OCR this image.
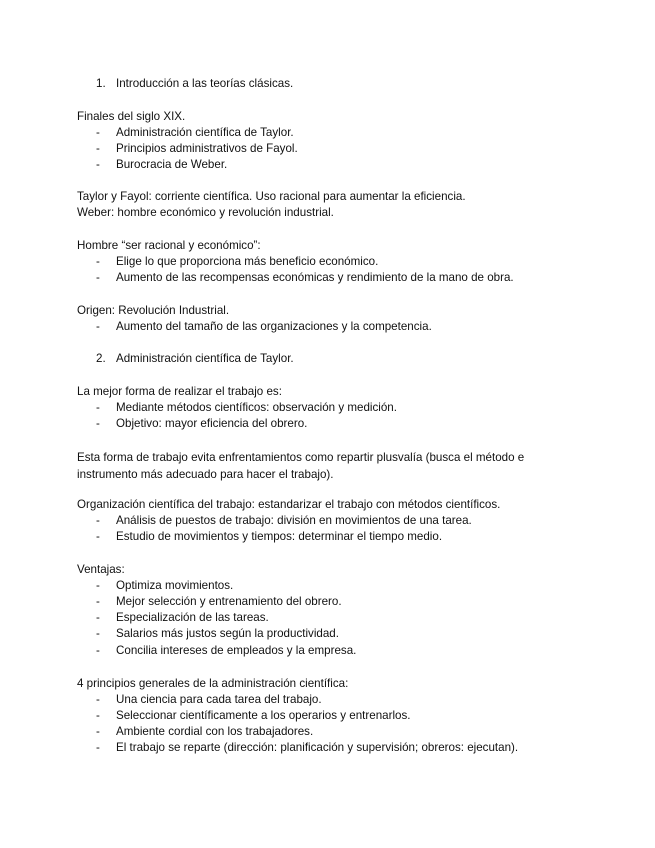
1. Introducción a las teorías clásicas.
Finales del siglo XIX.
- Administración científica de Taylor.
- Principios administrativos de Fayol.
- Burocracia de Weber.
Taylor y Fayol: corriente científica. Uso racional para aumentar la eficiencia.
Weber: hombre económico y revolución industrial.
Hombre “ser racional y económico”:
- Elige lo que proporciona más beneficio económico.
- Aumento de las recompensas económicas y rendimiento de la mano de obra.
Origen: Revolución Industrial.
- Aumento del tamaño de las organizaciones y la competencia.
2. Administración científica de Taylor.
La mejor forma de realizar el trabajo es:
- Mediante métodos científicos: observación y medición.
- Objetivo: mayor eficiencia del obrero.
Esta forma de trabajo evita enfrentamientos como repartir plusvalía (busca el método e instrumento más adecuado para hacer el trabajo).
Organización científica del trabajo: estandarizar el trabajo con métodos científicos.
- Análisis de puestos de trabajo: división en movimientos de una tarea.
- Estudio de movimientos y tiempos: determinar el tiempo medio.
Ventajas:
- Optimiza movimientos.
- Mejor selección y entrenamiento del obrero.
- Especialización de las tareas.
- Salarios más justos según la productividad.
- Concilia intereses de empleados y la empresa.
4 principios generales de la administración científica:
- Una ciencia para cada tarea del trabajo.
- Seleccionar científicamente a los operarios y entrenarlos.
- Ambiente cordial con los trabajadores.
- El trabajo se reparte (dirección: planificación y supervisión; obreros: ejecutan).
